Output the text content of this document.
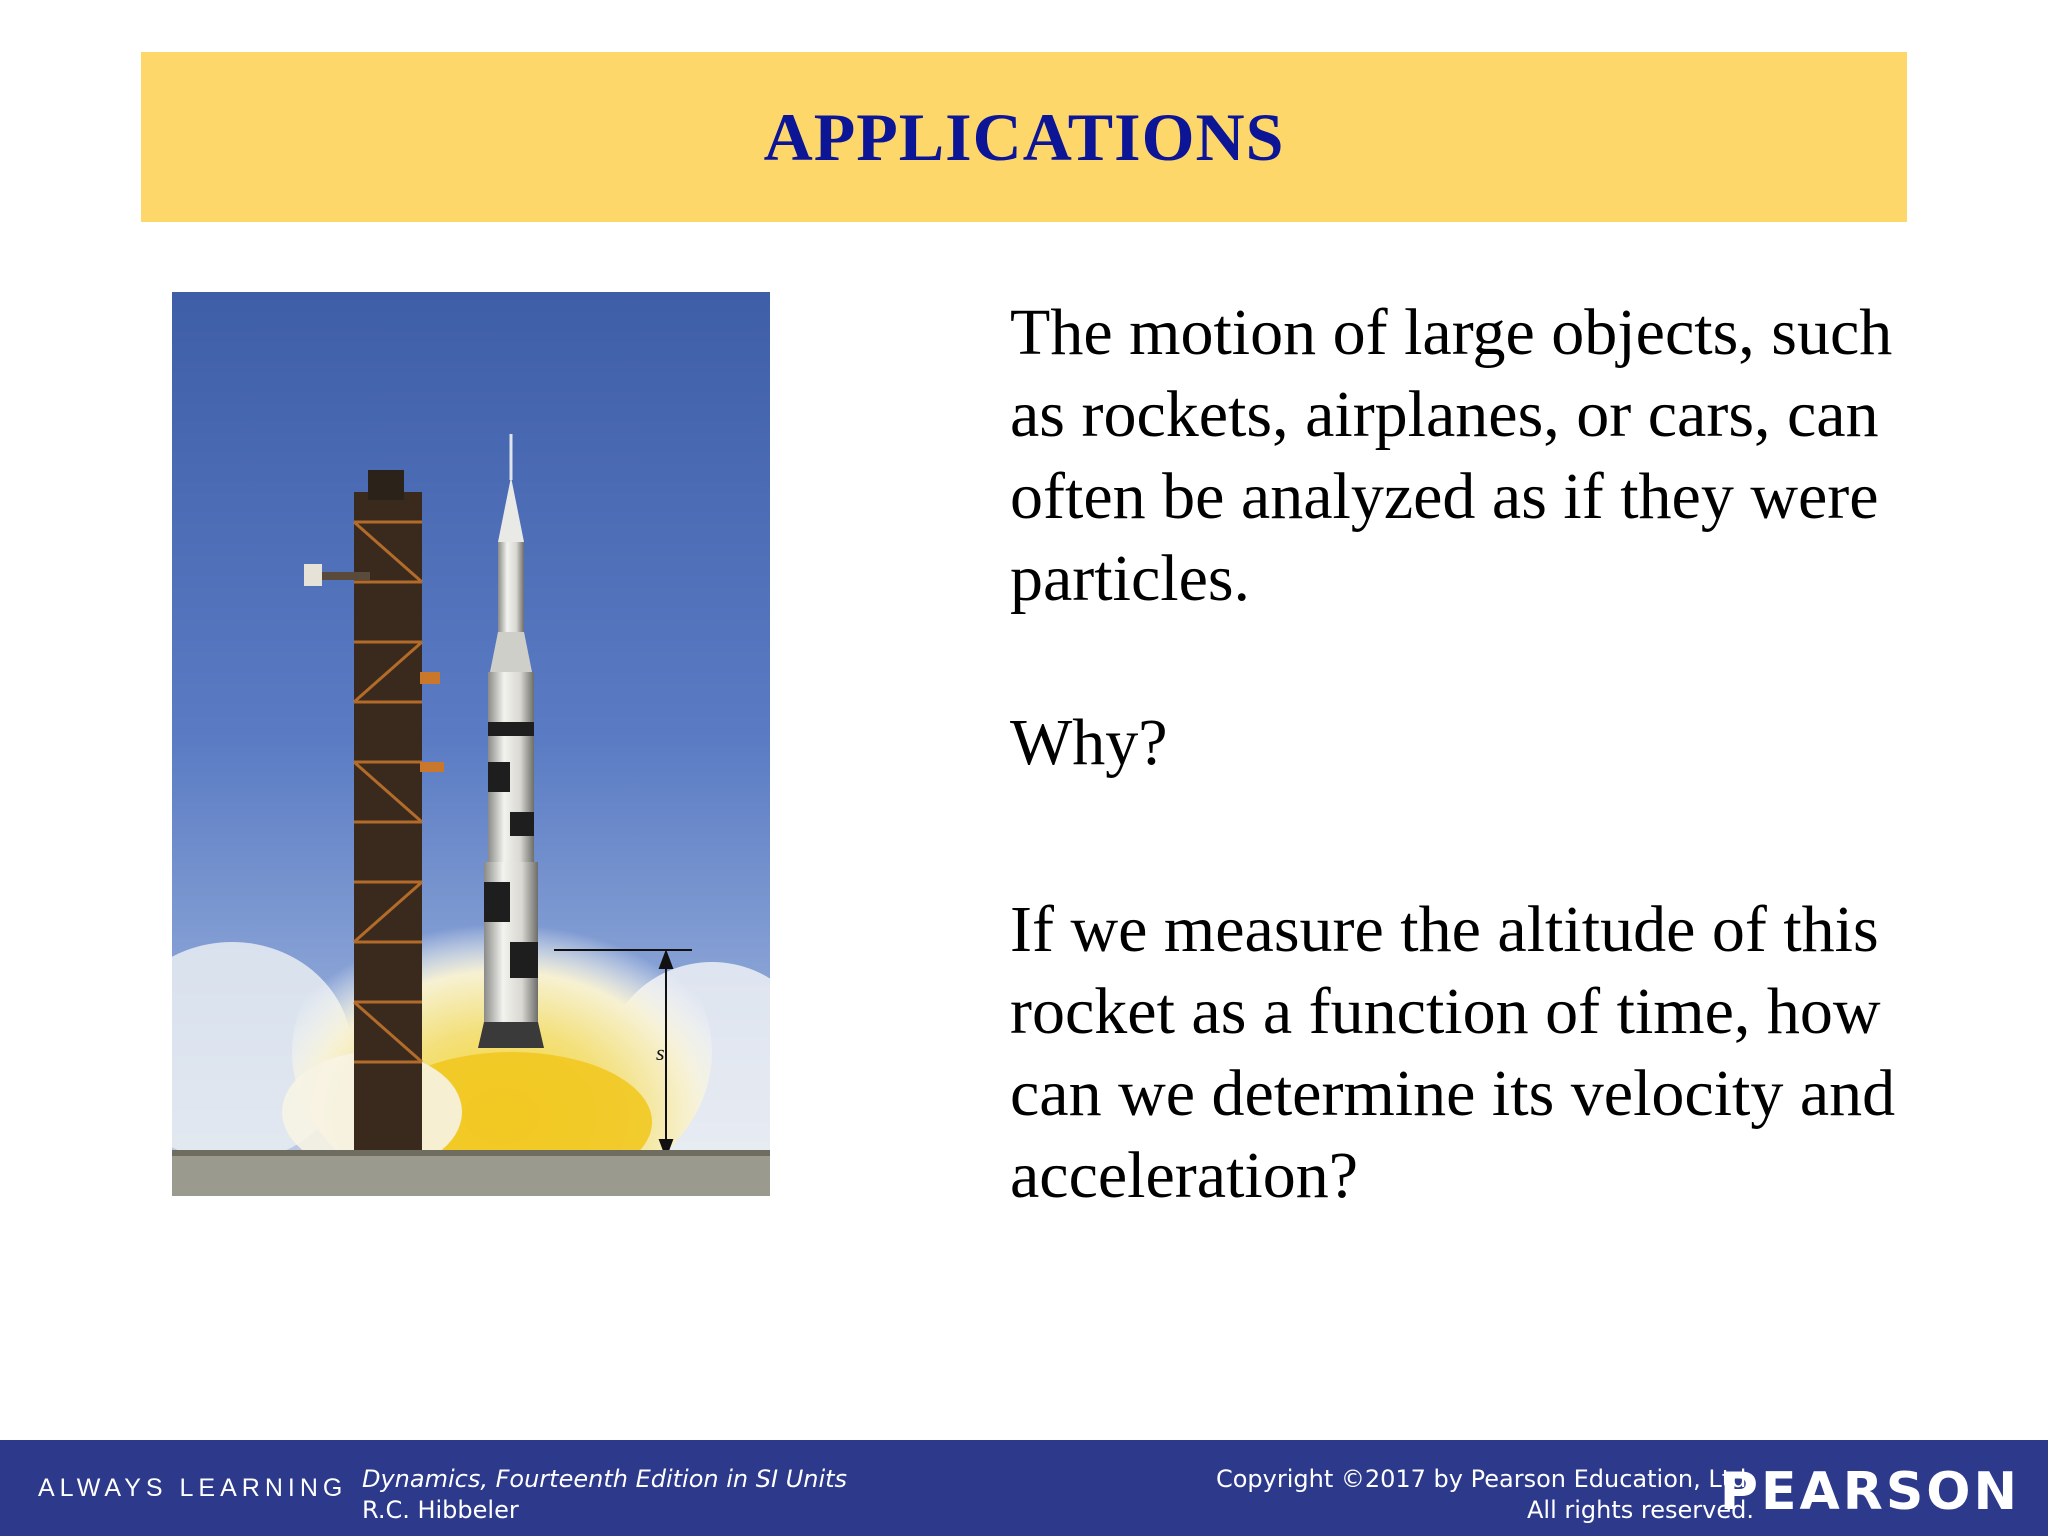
APPLICATIONS
s
The motion of large objects, such as rockets, airplanes, or cars, can often be analyzed as if they were particles.
Why?
If we measure the altitude of this rocket as a function of time, how can we determine its velocity and acceleration?
ALWAYS LEARNING Dynamics, Fourteenth Edition in SI Units
R.C. Hibbeler
Copyright ©2017 by Pearson Education, Ltd.
All rights reserved.
PEARSON
